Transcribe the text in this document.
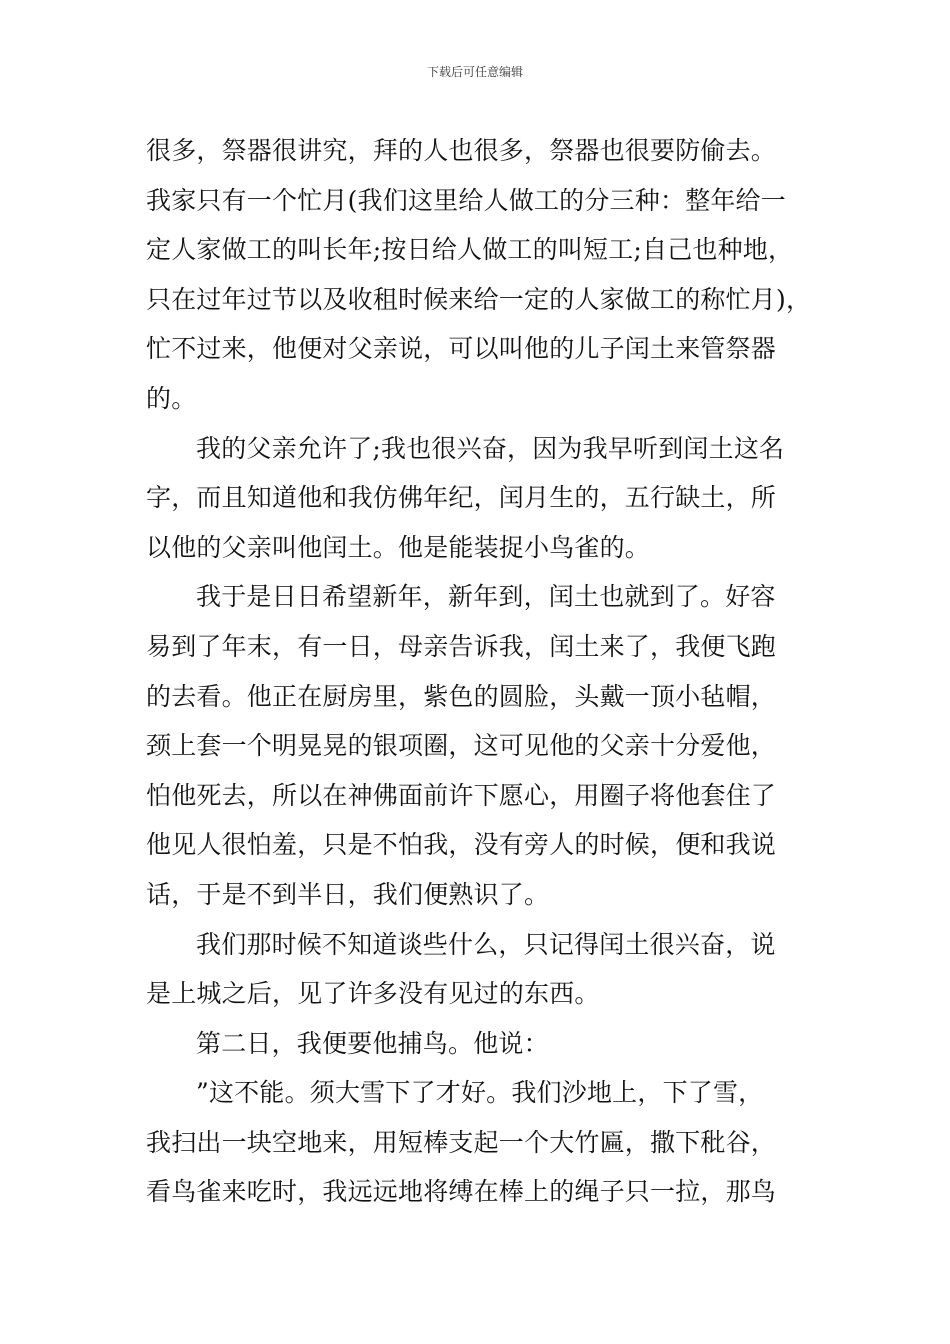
下载后可任意编辑
很多，祭器很讲究，拜的人也很多，祭器也很要防偷去。
我家只有一个忙月(我们这里给人做工的分三种：整年给一
定人家做工的叫长年;按日给人做工的叫短工;自己也种地，
只在过年过节以及收租时候来给一定的人家做工的称忙月)，
忙不过来，他便对父亲说，可以叫他的儿子闰土来管祭器
的。
我的父亲允许了;我也很兴奋，因为我早听到闰土这名
字，而且知道他和我仿佛年纪，闰月生的，五行缺土，所
以他的父亲叫他闰土。他是能装捉小鸟雀的。
我于是日日希望新年，新年到，闰土也就到了。好容
易到了年末，有一日，母亲告诉我，闰土来了，我便飞跑
的去看。他正在厨房里，紫色的圆脸，头戴一顶小毡帽，
颈上套一个明晃晃的银项圈，这可见他的父亲十分爱他，
怕他死去，所以在神佛面前许下愿心，用圈子将他套住了
他见人很怕羞，只是不怕我，没有旁人的时候，便和我说
话，于是不到半日，我们便熟识了。
我们那时候不知道谈些什么，只记得闰土很兴奋，说
是上城之后，见了许多没有见过的东西。
第二日，我便要他捕鸟。他说：
”这不能。须大雪下了才好。我们沙地上，下了雪，
我扫出一块空地来，用短棒支起一个大竹匾，撒下秕谷，
看鸟雀来吃时，我远远地将缚在棒上的绳子只一拉，那鸟
